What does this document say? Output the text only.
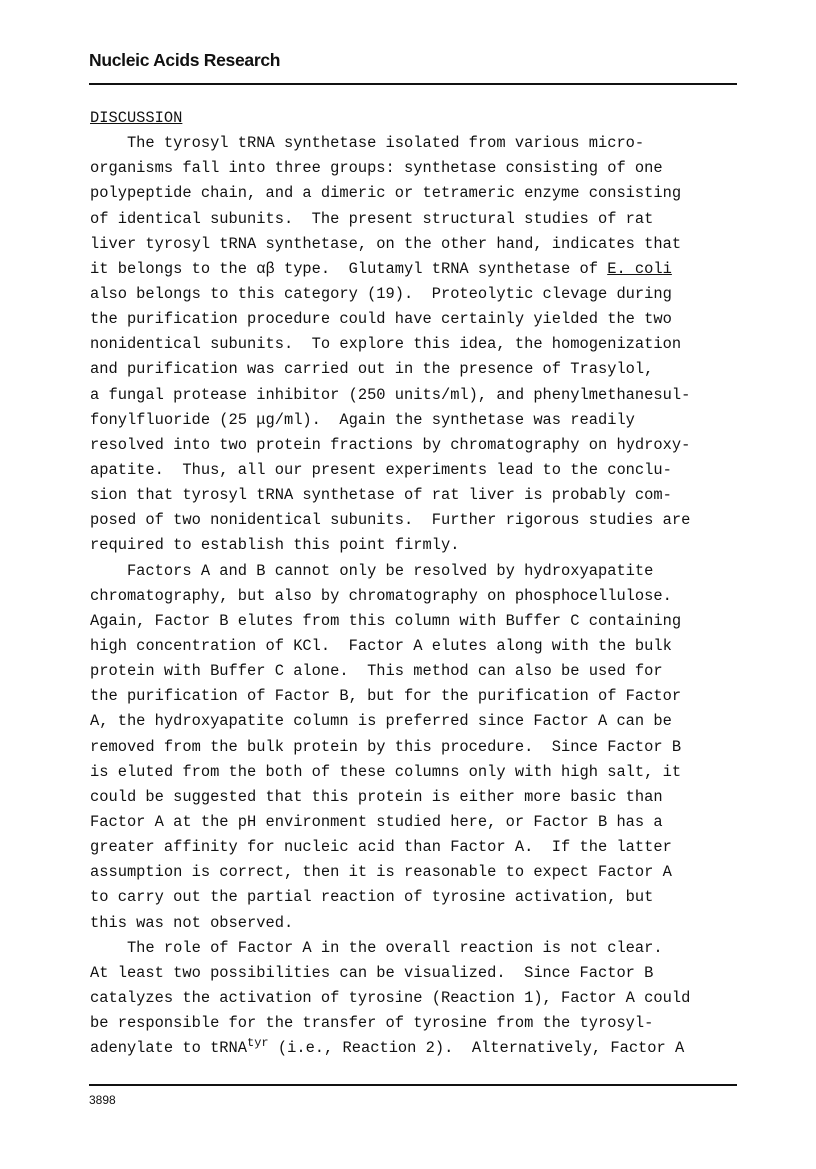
Nucleic Acids Research
DISCUSSION
The tyrosyl tRNA synthetase isolated from various micro-
organisms fall into three groups: synthetase consisting of one
polypeptide chain, and a dimeric or tetrameric enzyme consisting
of identical subunits.  The present structural studies of rat
liver tyrosyl tRNA synthetase, on the other hand, indicates that
it belongs to the αβ type.  Glutamyl tRNA synthetase of E. coli
also belongs to this category (19).  Proteolytic clevage during
the purification procedure could have certainly yielded the two
nonidentical subunits.  To explore this idea, the homogenization
and purification was carried out in the presence of Trasylol,
a fungal protease inhibitor (250 units/ml), and phenylmethanesul-
fonylfluoride (25 μg/ml).  Again the synthetase was readily
resolved into two protein fractions by chromatography on hydroxy-
apatite.  Thus, all our present experiments lead to the conclu-
sion that tyrosyl tRNA synthetase of rat liver is probably com-
posed of two nonidentical subunits.  Further rigorous studies are
required to establish this point firmly.
Factors A and B cannot only be resolved by hydroxyapatite
chromatography, but also by chromatography on phosphocellulose.
Again, Factor B elutes from this column with Buffer C containing
high concentration of KCl.  Factor A elutes along with the bulk
protein with Buffer C alone.  This method can also be used for
the purification of Factor B, but for the purification of Factor
A, the hydroxyapatite column is preferred since Factor A can be
removed from the bulk protein by this procedure.  Since Factor B
is eluted from the both of these columns only with high salt, it
could be suggested that this protein is either more basic than
Factor A at the pH environment studied here, or Factor B has a
greater affinity for nucleic acid than Factor A.  If the latter
assumption is correct, then it is reasonable to expect Factor A
to carry out the partial reaction of tyrosine activation, but
this was not observed.
The role of Factor A in the overall reaction is not clear.
At least two possibilities can be visualized.  Since Factor B
catalyzes the activation of tyrosine (Reaction 1), Factor A could
be responsible for the transfer of tyrosine from the tyrosyl-
adenylate to tRNA$^{tyr}$ (i.e., Reaction 2).  Alternatively, Factor A
3898
